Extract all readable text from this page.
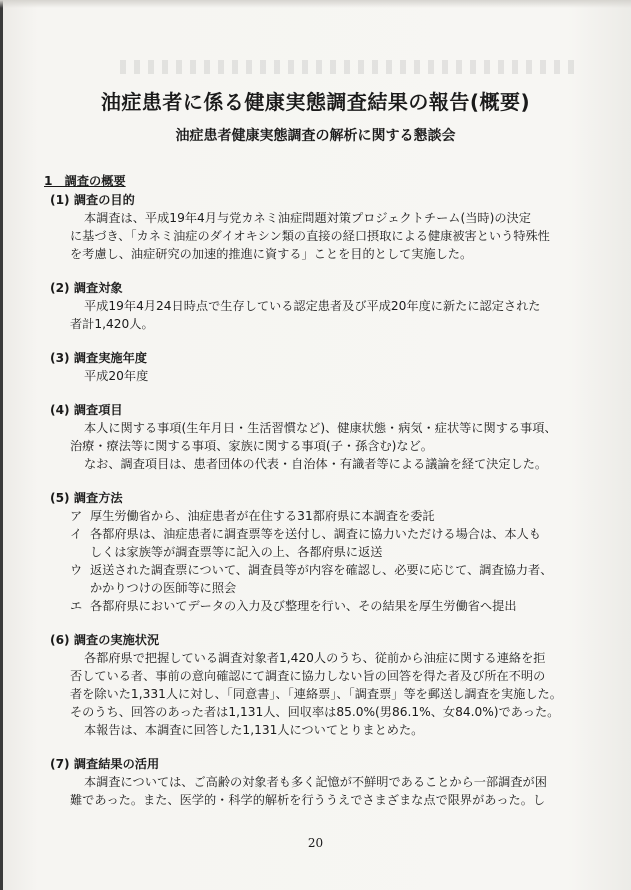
油症患者に係る健康実態調査結果の報告(概要)
油症患者健康実態調査の解析に関する懇談会
1　調査の概要
(1) 調査の目的
本調査は、平成19年4月与党カネミ油症問題対策プロジェクトチーム(当時)の決定
に基づき、「カネミ油症のダイオキシン類の直接の経口摂取による健康被害という特殊性
を考慮し、油症研究の加速的推進に資する」ことを目的として実施した。
(2) 調査対象
平成19年4月24日時点で生存している認定患者及び平成20年度に新たに認定された
者計1,420人。
(3) 調査実施年度
平成20年度
(4) 調査項目
本人に関する事項(生年月日・生活習慣など)、健康状態・病気・症状等に関する事項、
治療・療法等に関する事項、家族に関する事項(子・孫含む)など。
なお、調査項目は、患者団体の代表・自治体・有識者等による議論を経て決定した。
(5) 調査方法
ア 厚生労働省から、油症患者が在住する31都府県に本調査を委託
イ 各都府県は、油症患者に調査票等を送付し、調査に協力いただける場合は、本人も
しくは家族等が調査票等に記入の上、各都府県に返送
ウ 返送された調査票について、調査員等が内容を確認し、必要に応じて、調査協力者、
かかりつけの医師等に照会
エ 各都府県においてデータの入力及び整理を行い、その結果を厚生労働省へ提出
(6) 調査の実施状況
各都府県で把握している調査対象者1,420人のうち、従前から油症に関する連絡を拒
否している者、事前の意向確認にて調査に協力しない旨の回答を得た者及び所在不明の
者を除いた1,331人に対し、「同意書」、「連絡票」、「調査票」等を郵送し調査を実施した。
そのうち、回答のあった者は1,131人、回収率は85.0%(男86.1%、女84.0%)であった。
本報告は、本調査に回答した1,131人についてとりまとめた。
(7) 調査結果の活用
本調査については、ご高齢の対象者も多く記憶が不鮮明であることから一部調査が困
難であった。また、医学的・科学的解析を行ううえでさまざまな点で限界があった。し
20
